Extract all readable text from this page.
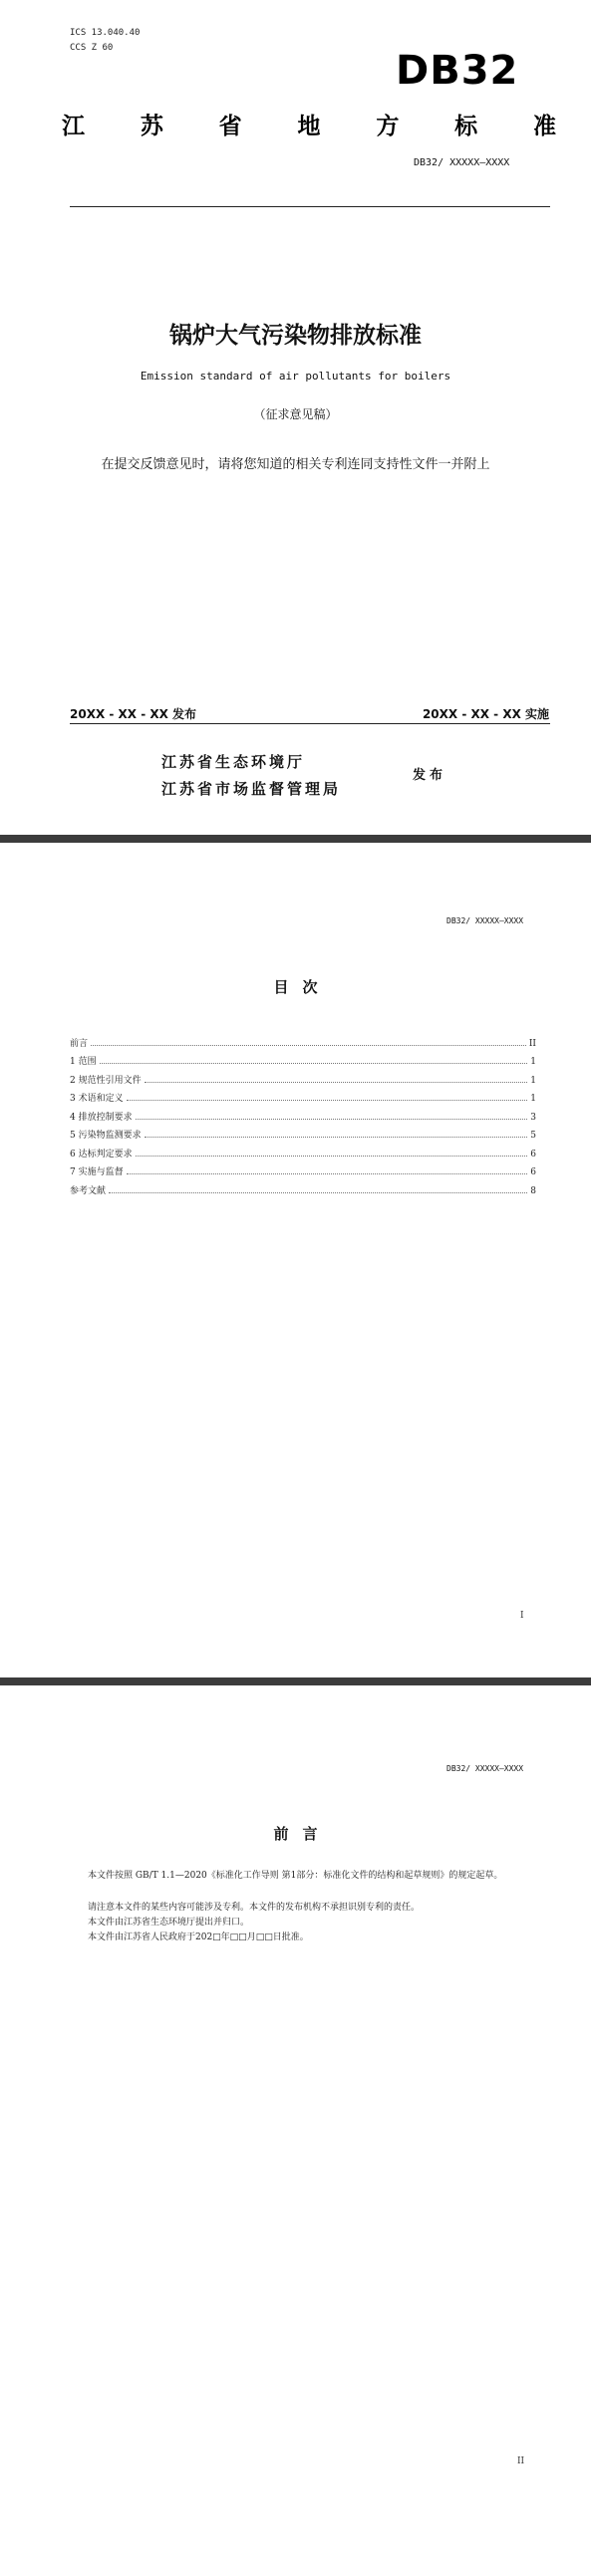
ICS 13.040.40
CCS Z 60	DB32
江 苏 省 地 方 标 准
DB32/ XXXXX—XXXX
锅炉大气污染物排放标准
Emission standard of air pollutants for boilers
（征求意见稿）
在提交反馈意见时，请将您知道的相关专利连同支持性文件一并附上
20XX - XX - XX 发布	20XX - XX - XX 实施
江苏省生态环境厅
江苏省市场监督管理局
发布
DB32/ XXXXX—XXXX
目次
前言	II
1 范围	1
2 规范性引用文件	1
3 术语和定义	1
4 排放控制要求	3
5 污染物监测要求	5
6 达标判定要求	6
7 实施与监督	6
参考文献	8
I
DB32/ XXXXX—XXXX
前言

本文件按照 GB/T 1.1—2020《标准化工作导则 第1部分：标准化文件的结构和起草规则》的规定起草。

请注意本文件的某些内容可能涉及专利。本文件的发布机构不承担识别专利的责任。

本文件由江苏省生态环境厅提出并归口。

本文件由江苏省人民政府于202□年□□月□□日批准。

II
